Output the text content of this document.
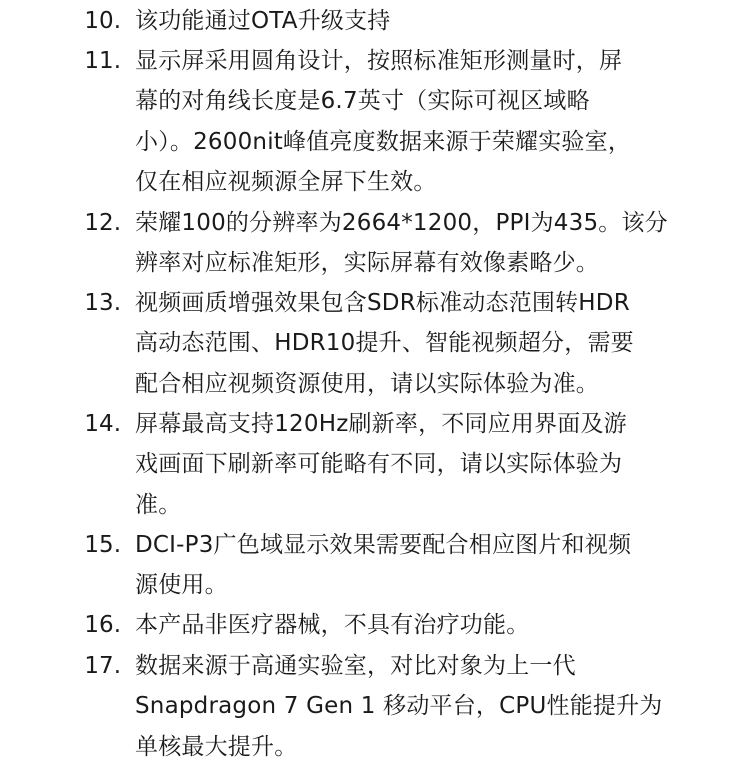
10. 该功能通过OTA升级支持
11. 显示屏采用圆角设计，按照标准矩形测量时，屏
幕的对角线长度是6.7英寸（实际可视区域略
小）。2600nit峰值亮度数据来源于荣耀实验室，
仅在相应视频源全屏下生效。
12. 荣耀100的分辨率为2664*1200，PPI为435。该分
辨率对应标准矩形，实际屏幕有效像素略少。
13. 视频画质增强效果包含SDR标准动态范围转HDR
高动态范围、HDR10提升、智能视频超分，需要
配合相应视频资源使用，请以实际体验为准。
14. 屏幕最高支持120Hz刷新率，不同应用界面及游
戏画面下刷新率可能略有不同，请以实际体验为
准。
15. DCI-P3广色域显示效果需要配合相应图片和视频
源使用。
16. 本产品非医疗器械，不具有治疗功能。
17. 数据来源于高通实验室，对比对象为上一代
Snapdragon 7 Gen 1 移动平台，CPU性能提升为
单核最大提升。
